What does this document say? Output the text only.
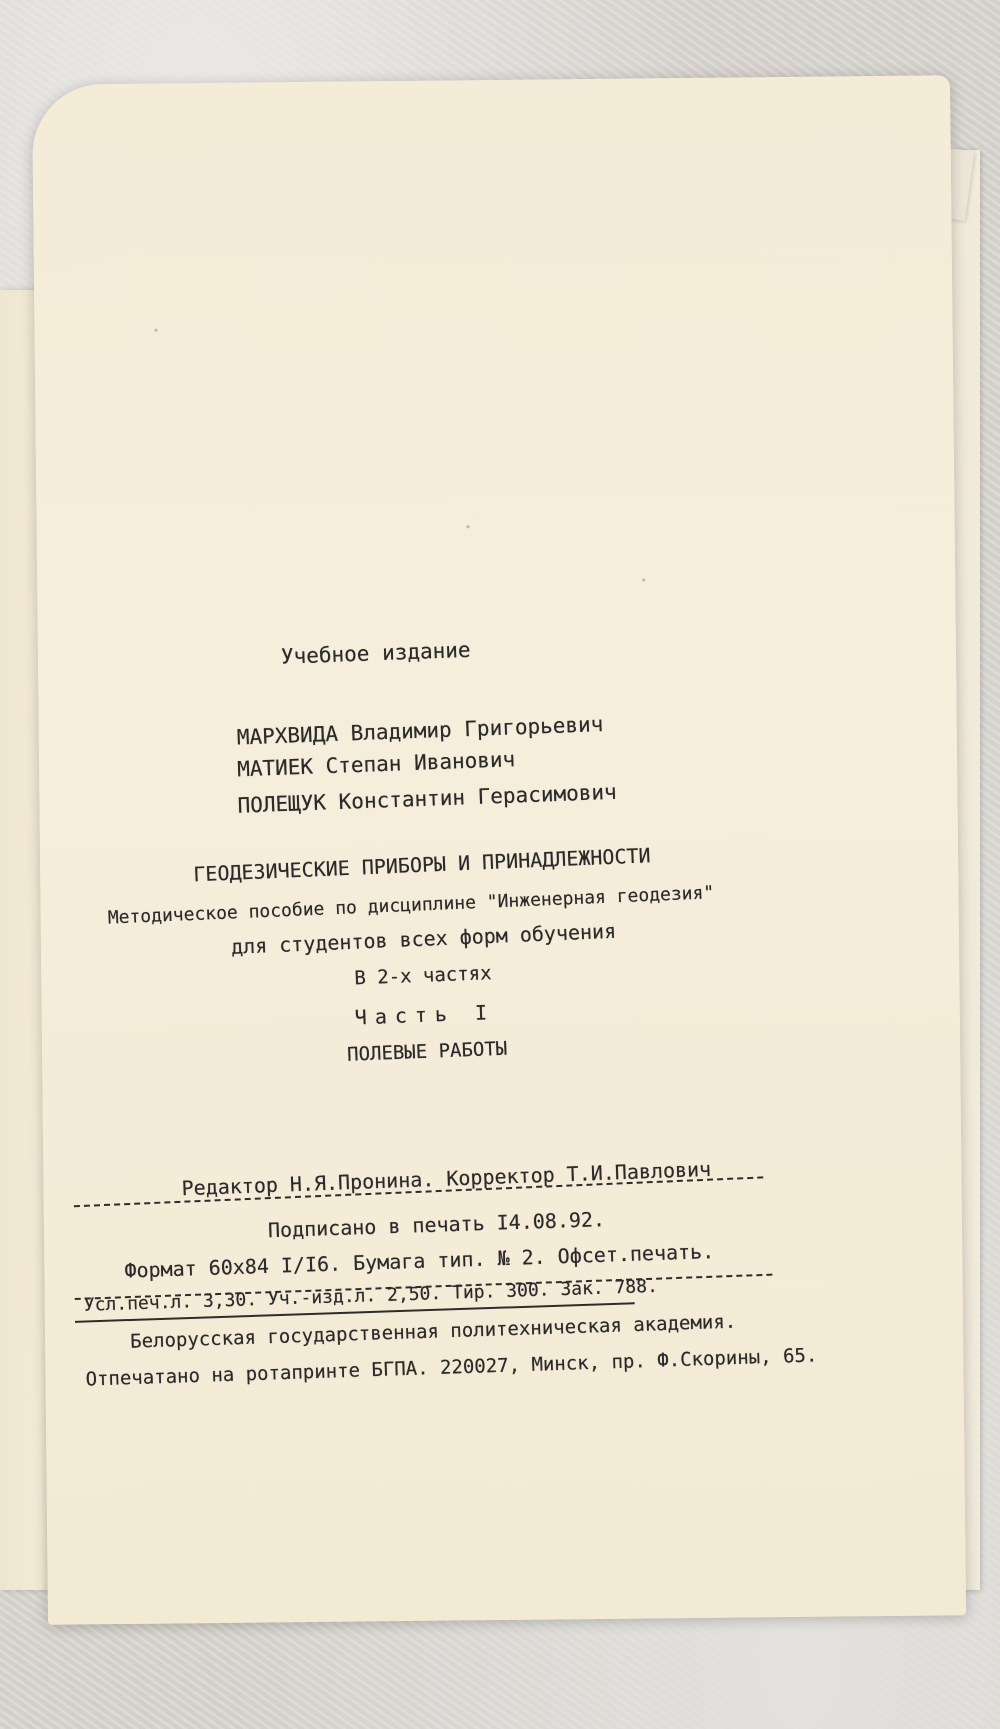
Учебное издание
МАРХВИДА Владимир Григорьевич
МАТИЕК Степан Иванович
ПОЛЕЩУК Константин Герасимович
ГЕОДЕЗИЧЕСКИЕ ПРИБОРЫ И ПРИНАДЛЕЖНОСТИ
Методическое пособие по дисциплине "Инженерная геодезия"
для студентов всех форм обучения
В 2-х частях
Часть I
ПОЛЕВЫЕ РАБОТЫ
Редактор Н.Я.Пронина. Корректор Т.И.Павлович
Подписано в печать I4.08.92.
Формат 60x84 I/I6. Бумага тип. № 2. Офсет.печать.
Усл.печ.л. 3,30. Уч.-изд.л. 2,50. Тир. 300. Зак. 788.
Белорусская государственная политехническая академия.
Отпечатано на ротапринте БГПА. 220027, Минск, пр. Ф.Скорины, 65.
